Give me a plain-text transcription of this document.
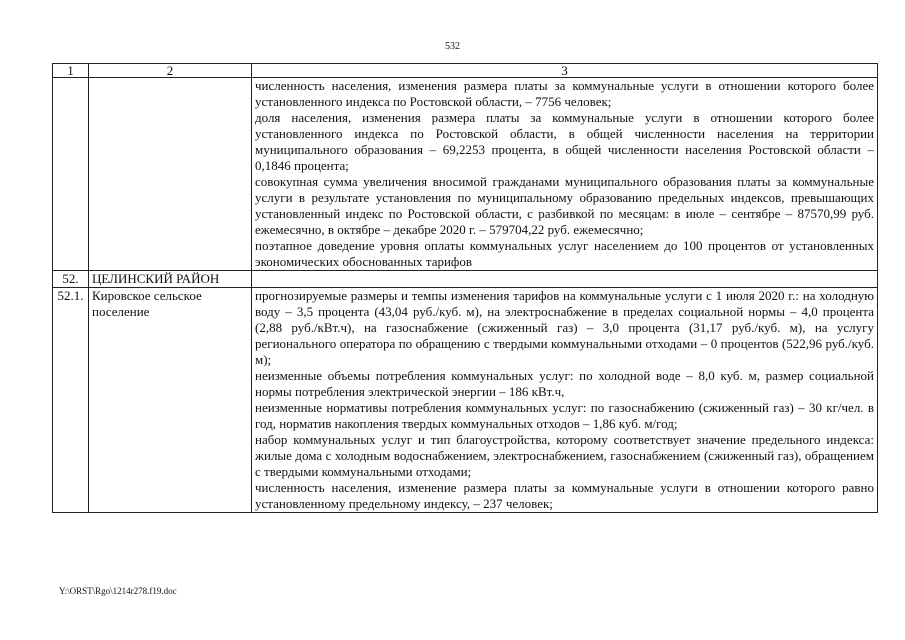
532
1	2	3

		численность населения, изменения размера платы за коммунальные услуги в отношении которого более установленного индекса по Ростовской области, – 7756 человек;
доля населения, изменения размера платы за коммунальные услуги в отношении которого более установленного индекса по Ростовской области, в общей численности населения на территории муниципального образования – 69,2253 процента, в общей численности населения Ростовской области – 0,1846 процента;
совокупная сумма увеличения вносимой гражданами муниципального образования платы за коммунальные услуги в результате установления по муниципальному образованию предельных индексов, превышающих установленный индекс по Ростовской области, с разбивкой по месяцам: в июле – сентябре – 87570,99 руб. ежемесячно, в октябре – декабре 2020 г. – 579704,22 руб. ежемесячно;
поэтапное доведение уровня оплаты коммунальных услуг населением до 100 процентов от установленных экономических обоснованных тарифов

52.	ЦЕЛИНСКИЙ РАЙОН	
52.1.	Кировское сельское поселение	прогнозируемые размеры и темпы изменения тарифов на коммунальные услуги с 1 июля 2020 г.: на холодную воду – 3,5 процента (43,04 руб./куб. м), на электроснабжение в пределах социальной нормы – 4,0 процента (2,88 руб./кВт.ч), на газоснабжение (сжиженный газ) – 3,0 процента (31,17 руб./куб. м), на услугу регионального оператора по обращению с твердыми коммунальными отходами – 0 процентов (522,96 руб./куб. м);
неизменные объемы потребления коммунальных услуг: по холодной воде – 8,0 куб. м, размер социальной нормы потребления электрической энергии – 186 кВт.ч,
неизменные нормативы потребления коммунальных услуг: по газоснабжению (сжиженный газ) – 30 кг/чел. в год, норматив накопления твердых коммунальных отходов – 1,86 куб. м/год;
набор коммунальных услуг и тип благоустройства, которому соответствует значение предельного индекса: жилые дома с холодным водоснабжением, электроснабжением, газоснабжением (сжиженный газ), обращением с твердыми коммунальными отходами;
численность населения, изменение размера платы за коммунальные услуги в отношении которого равно установленному предельному индексу, – 237 человек;
Y:\ORST\Rgo\1214r278.f19.doc
